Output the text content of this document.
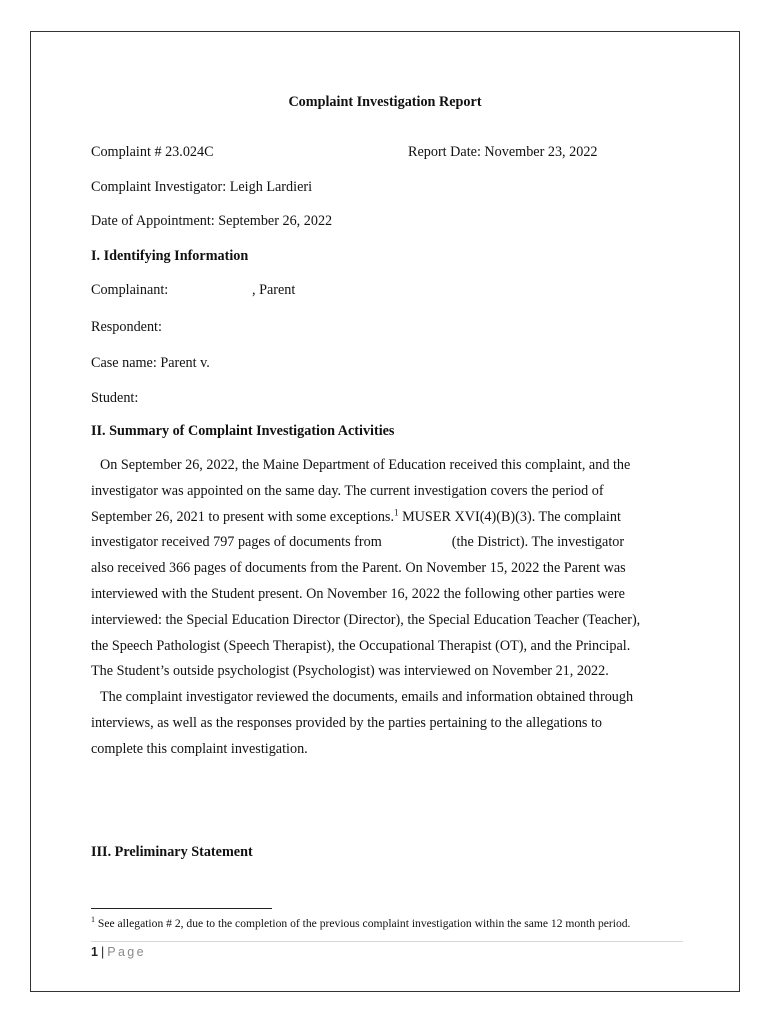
Complaint Investigation Report
Complaint # 23.024C	Report Date: November 23, 2022
Complaint Investigator: Leigh Lardieri
Date of Appointment: September 26, 2022
I. Identifying Information
Complainant:	, Parent
Respondent:
Case name: Parent v.
Student:
II. Summary of Complaint Investigation Activities
On September 26, 2022, the Maine Department of Education received this complaint, and the
investigator was appointed on the same day. The current investigation covers the period of
September 26, 2021 to present with some exceptions.$^1$ MUSER XVI(4)(B)(3). The complaint
investigator received 797 pages of documents from	(the District). The investigator
also received 366 pages of documents from the Parent. On November 15, 2022 the Parent was
interviewed with the Student present. On November 16, 2022 the following other parties were
interviewed: the Special Education Director (Director), the Special Education Teacher (Teacher),
the Speech Pathologist (Speech Therapist), the Occupational Therapist (OT), and the Principal.
The Student’s outside psychologist (Psychologist) was interviewed on November 21, 2022.
The complaint investigator reviewed the documents, emails and information obtained through
interviews, as well as the responses provided by the parties pertaining to the allegations to
complete this complaint investigation.
III. Preliminary Statement
$^1$ See allegation # 2, due to the completion of the previous complaint investigation within the same 12 month period.
1 | Page
